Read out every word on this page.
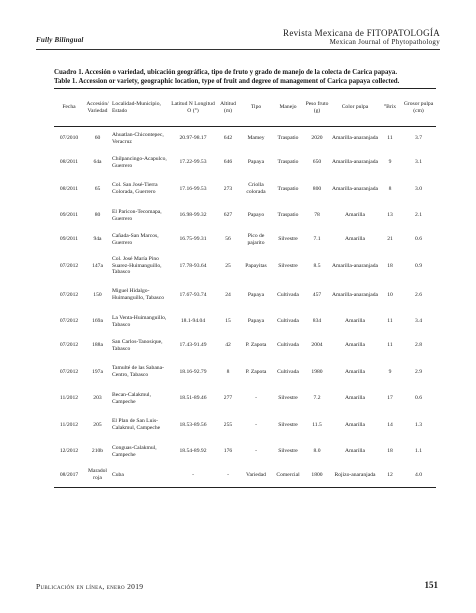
Fully Bilingual
Revista Mexicana de FITOPATOLOGÍA
Mexican Journal of Phytopathology
Cuadro 1. Accesión o variedad, ubicación geográfica, tipo de fruto y grado de manejo de la colecta de Carica papaya.
Table 1. Accession or variety, geographic location, type of fruit and degree of management of Carica papaya collected.
Fecha	Accesión/ Variedad	Localidad-Municipio, Estado	Latitud N Longitud O (°)	Altitud (m)	Tipo	Manejo	Peso fruto (g)	Color pulpa	°Brix	Grosor pulpa (cm)
07/2010	60	Ahuatlan-Chicontepec, Veracruz	20.97-98.17	642	Mamey	Traspatio	2020	Amarilla-anaranjada	11	3.7
08/2011	64a	Chilpancingo-Acapulco, Guerrero	17.22-99.53	646	Papaya	Traspatio	650	Amarilla-anaranjada	9	3.1
08/2011	65	Col. San José-Tierra Colorada, Guerrero	17.16-99.53	273	Criolla colorada	Traspatio	800	Amarilla-anaranjada	8	3.0
09/2011	80	El Paricon-Tecomapa, Guerrero	16.98-99.32	627	Papayo	Traspatio	78	Amarilla	13	2.1
09/2011	94a	Cañada-San Marcos, Guerrero	16.75-99.31	56	Pico de pajarito	Silvestre	7.1	Amarilla	21	0.6
07/2012	147a	Col. José María Pino Suarez-Huimanguillo, Tabasco	17.78-93.64	25	Papayitas	Silvestre	8.5	Amarilla-anaranjada	18	0.9
07/2012	150	Miguel Hidalgo-Huimanguillo, Tabasco	17.67-93.74	24	Papaya	Cultivada	457	Amarilla-anaranjada	10	2.6
07/2012	169a	La Venta-Huimanguillo, Tabasco	18.1-94.04	15	Papaya	Cultivada	834	Amarilla	11	3.4
07/2012	188a	San Carlos-Tanosique, Tabasco	17.43-91.49	42	P. Zapota	Cultivada	2004	Amarilla	11	2.8
07/2012	197a	Tamulté de las Sabana-Centro, Tabasco	18.16-92.79	8	P. Zapota	Cultivada	1980	Amarilla	9	2.9
11/2012	203	Becan-Calakmul, Campeche	18.51-89.46	277	-	Silvestre	7.2	Amarilla	17	0.6
11/2012	205	El Plan de San Luis-Calakmul, Campeche	18.53-89.56	255	-	Silvestre	11.5	Amarilla	14	1.3
12/2012	210b	Conguas-Calakmul, Campeche	18.54-89.92	176	-	Silvestre	8.0	Amarilla	18	1.1
08/2017	Maradol roja	Cuba	-	-	Variedad	Comercial	1800	Rojizo-anaranjada	12	4.0
Publicación en línea, enero 2019	151
